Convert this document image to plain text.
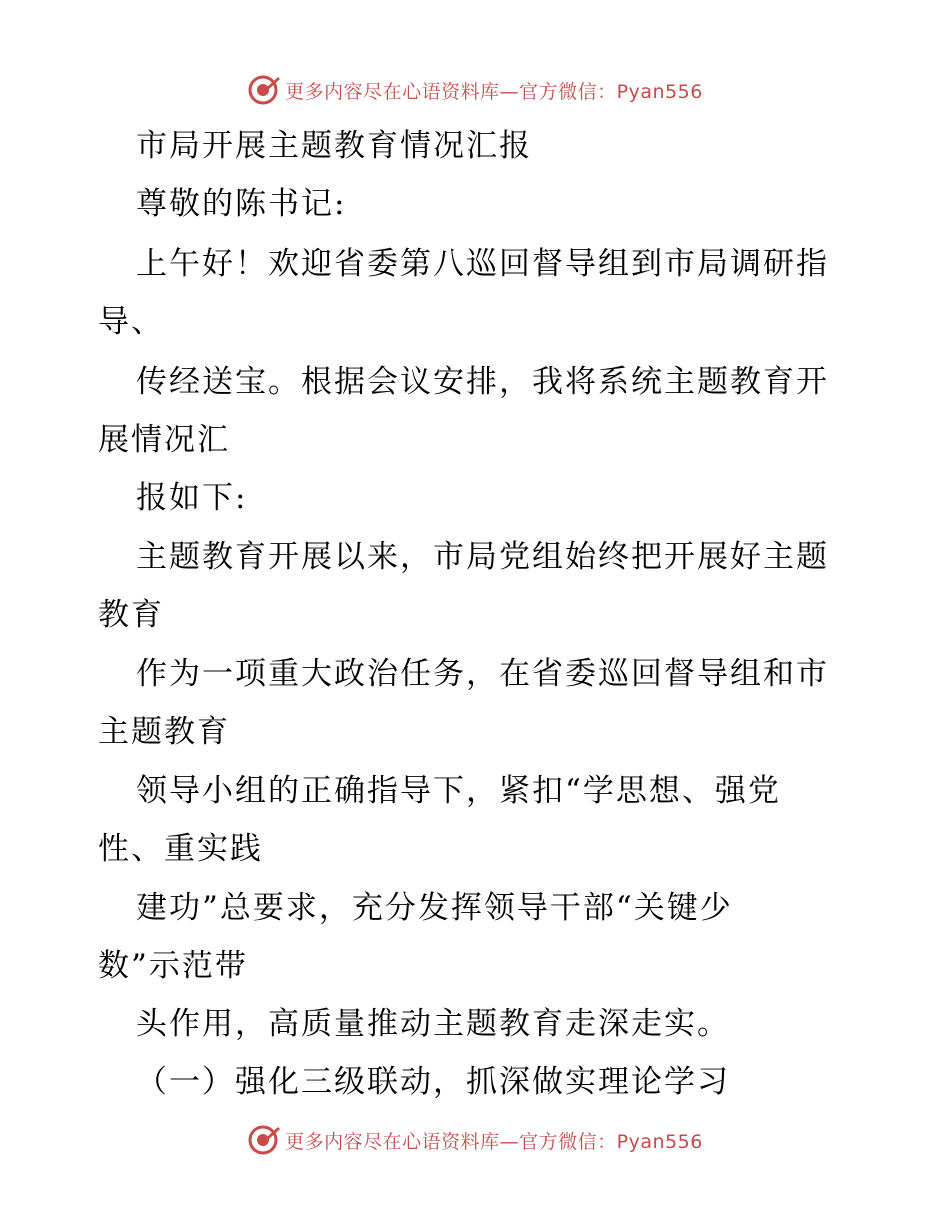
更多内容尽在心语资料库—官方微信：Pyan556
市局开展主题教育情况汇报
尊敬的陈书记:
上午好！欢迎省委第八巡回督导组到市局调研指
导、
传经送宝。根据会议安排，我将系统主题教育开
展情况汇
报如下:
主题教育开展以来，市局党组始终把开展好主题
教育
作为一项重大政治任务，在省委巡回督导组和市
主题教育
领导小组的正确指导下，紧扣“学思想、强党
性、重实践
建功”总要求，充分发挥领导干部“关键少
数”示范带
头作用，高质量推动主题教育走深走实。
（一）强化三级联动，抓深做实理论学习
更多内容尽在心语资料库—官方微信：Pyan556
